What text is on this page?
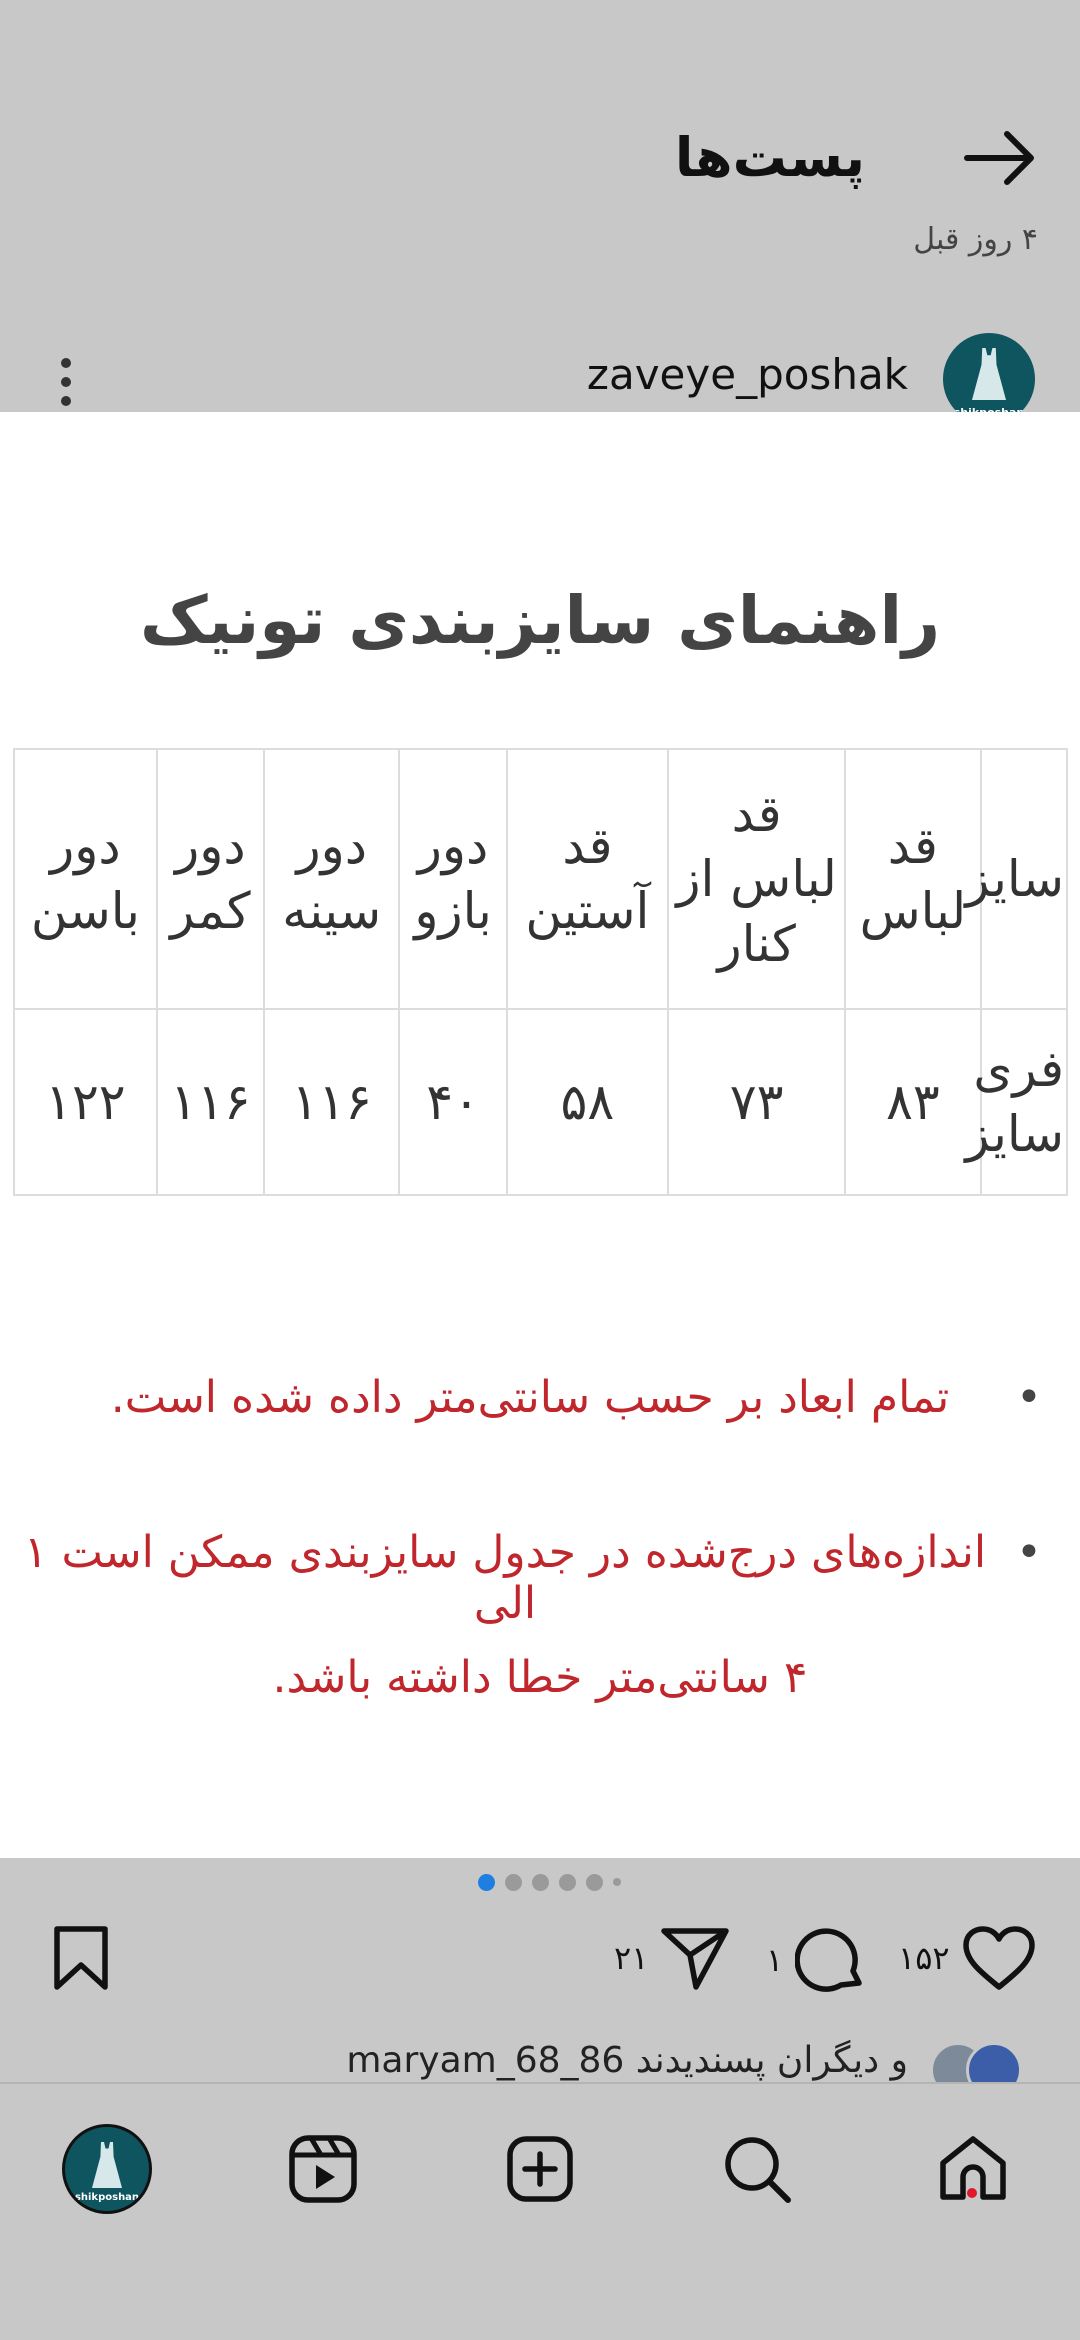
پست‌ها
۴ روز قبل
zaveye_poshak
راهنمای سایزبندی تونیک
سایز	قد لباس	قد لباس از کنار	قد آستین	دور بازو	دور سینه	دور کمر	دور باسن
فری سایز	۸۳	۷۳	۵۸	۴۰	۱۱۶	۱۱۶	۱۲۲
•
تمام ابعاد بر حسب سانتی‌متر داده شده است.
•
اندازه‌های درج‌شده در جدول سایزبندی ممکن است ۱ الی
۴ سانتی‌متر خطا داشته باشد.
۱۵۲
۱
۲۱
و دیگران پسندیدند maryam_68_86
shikposhan
